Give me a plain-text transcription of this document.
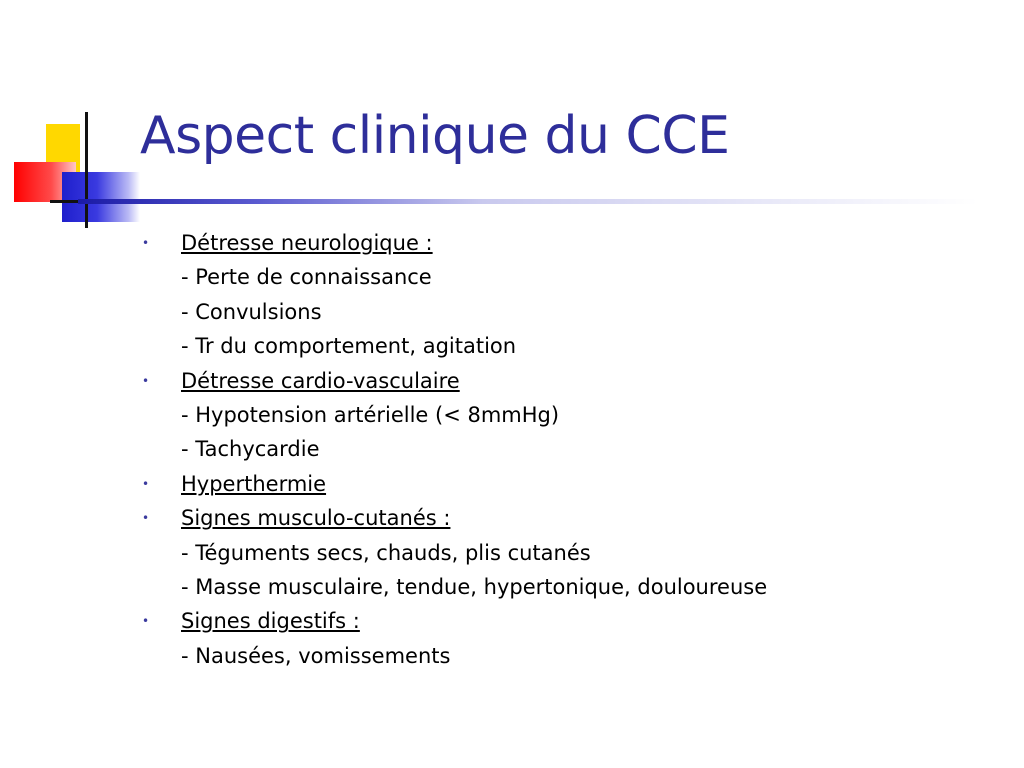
Aspect clinique du CCE
• Détresse neurologique :
- Perte de connaissance
- Convulsions
- Tr du comportement, agitation
• Détresse cardio-vasculaire
- Hypotension artérielle (< 8mmHg)
- Tachycardie
• Hyperthermie
• Signes musculo-cutanés :
- Téguments secs, chauds, plis cutanés
- Masse musculaire, tendue, hypertonique, douloureuse
• Signes digestifs :
- Nausées, vomissements
